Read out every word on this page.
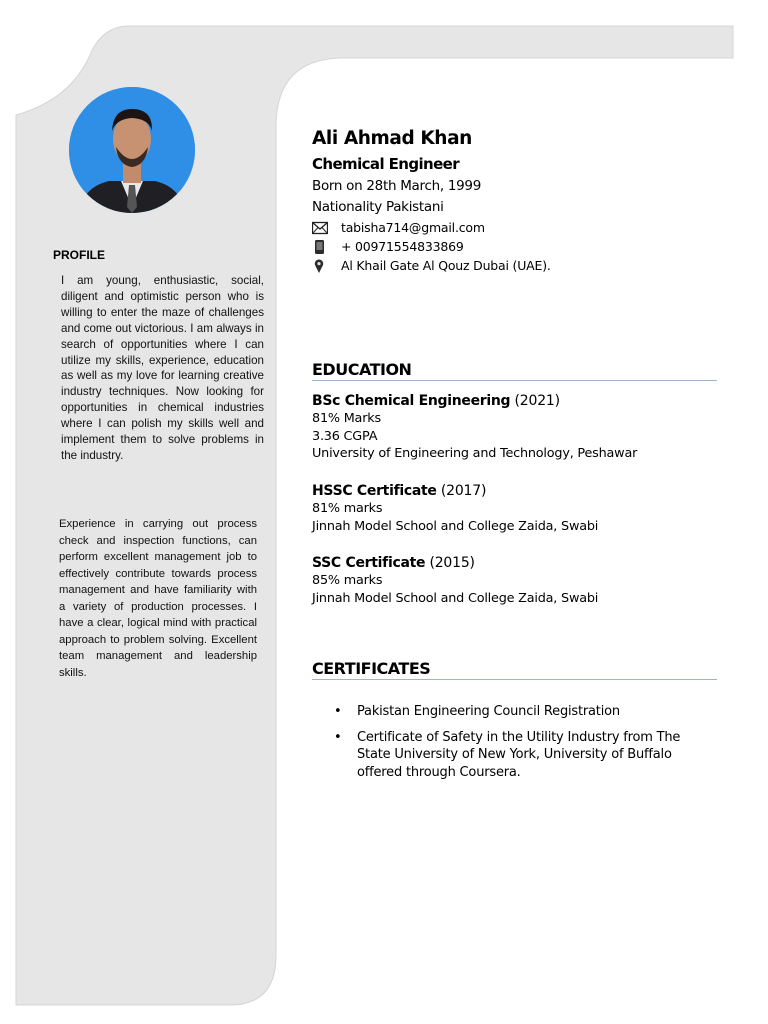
PROFILE
I am young, enthusiastic, social, diligent and optimistic person who is willing to enter the maze of challenges and come out victorious. I am always in search of opportunities where I can utilize my skills, experience, education as well as my love for learning creative industry techniques. Now looking for opportunities in chemical industries where I can polish my skills well and implement them to solve problems in the industry.
Experience in carrying out process check and inspection functions, can perform excellent management job to effectively contribute towards process management and have familiarity with a variety of production processes. I have a clear, logical mind with practical approach to problem solving. Excellent team management and leadership skills.
Ali Ahmad Khan
Chemical Engineer
Born on 28th March, 1999
Nationality Pakistani
tabisha714@gmail.com
+ 00971554833869
Al Khail Gate Al Qouz Dubai (UAE).
EDUCATION
BSc Chemical Engineering (2021)
81% Marks
3.36 CGPA
University of Engineering and Technology, Peshawar
HSSC Certificate (2017)
81% marks
Jinnah Model School and College Zaida, Swabi
SSC Certificate (2015)
85% marks
Jinnah Model School and College Zaida, Swabi
CERTIFICATES
• Pakistan Engineering Council Registration
• Certificate of Safety in the Utility Industry from The State University of New York, University of Buffalo offered through Coursera.
